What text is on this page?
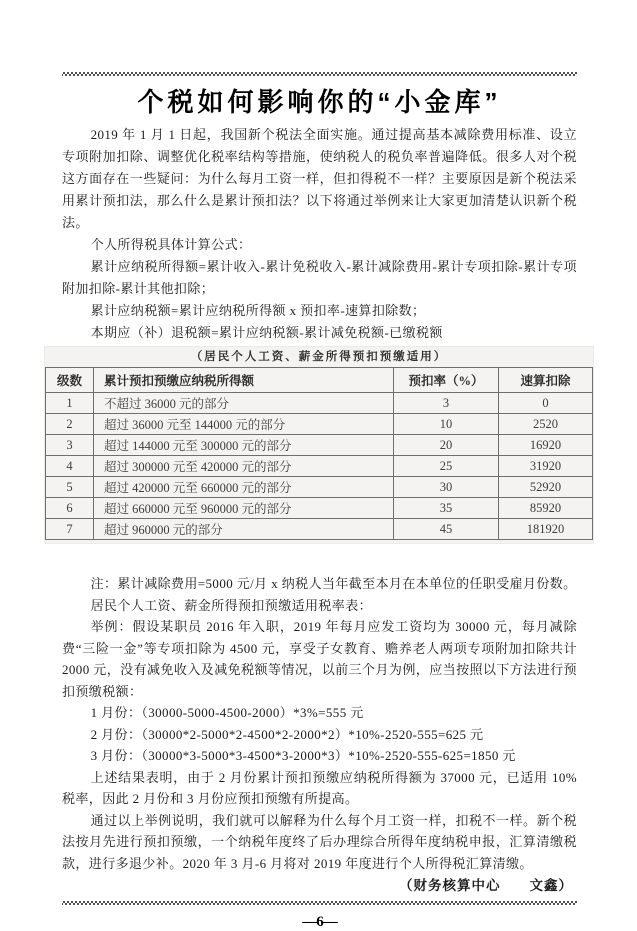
个税如何影响你的“小金库”

2019 年 1 月 1 日起，我国新个税法全面实施。通过提高基本减除费用标准、设立专项附加扣除、调整优化税率结构等措施，使纳税人的税负率普遍降低。很多人对个税这方面存在一些疑问：为什么每月工资一样，但扣得税不一样？主要原因是新个税法采用累计预扣法，那么什么是累计预扣法？以下将通过举例来让大家更加清楚认识新个税法。

个人所得税具体计算公式：

累计应纳税所得额=累计收入-累计免税收入-累计减除费用-累计专项扣除-累计专项附加扣除-累计其他扣除；

累计应纳税额=累计应纳税所得额 x 预扣率-速算扣除数；

本期应（补）退税额=累计应纳税额-累计减免税额-已缴税额

（居民个人工资、薪金所得预扣预缴适用）
级数	累计预扣预缴应纳税所得额	预扣率（%）	速算扣除
1	不超过 36000 元的部分	3	0
2	超过 36000 元至 144000 元的部分	10	2520
3	超过 144000 元至 300000 元的部分	20	16920
4	超过 300000 元至 420000 元的部分	25	31920
5	超过 420000 元至 660000 元的部分	30	52920
6	超过 660000 元至 960000 元的部分	35	85920
7	超过 960000 元的部分	45	181920

注：累计减除费用=5000 元/月 x 纳税人当年截至本月在本单位的任职受雇月份数。

居民个人工资、薪金所得预扣预缴适用税率表：

举例：假设某职员 2016 年入职，2019 年每月应发工资均为 30000 元，每月减除费“三险一金”等专项扣除为 4500 元，享受子女教育、赡养老人两项专项附加扣除共计 2000 元，没有减免收入及减免税额等情况，以前三个月为例，应当按照以下方法进行预扣预缴税额：

1 月份：（30000-5000-4500-2000）*3%=555 元

2 月份：（30000*2-5000*2-4500*2-2000*2）*10%-2520-555=625 元

3 月份：（30000*3-5000*3-4500*3-2000*3）*10%-2520-555-625=1850 元

上述结果表明，由于 2 月份累计预扣预缴应纳税所得额为 37000 元，已适用 10%税率，因此 2 月份和 3 月份应预扣预缴有所提高。

通过以上举例说明，我们就可以解释为什么每个月工资一样，扣税不一样。新个税法按月先进行预扣预缴，一个纳税年度终了后办理综合所得年度纳税申报，汇算清缴税款，进行多退少补。2020 年 3 月-6 月将对 2019 年度进行个人所得税汇算清缴。

（财务核算中心　　文鑫）

—6—
